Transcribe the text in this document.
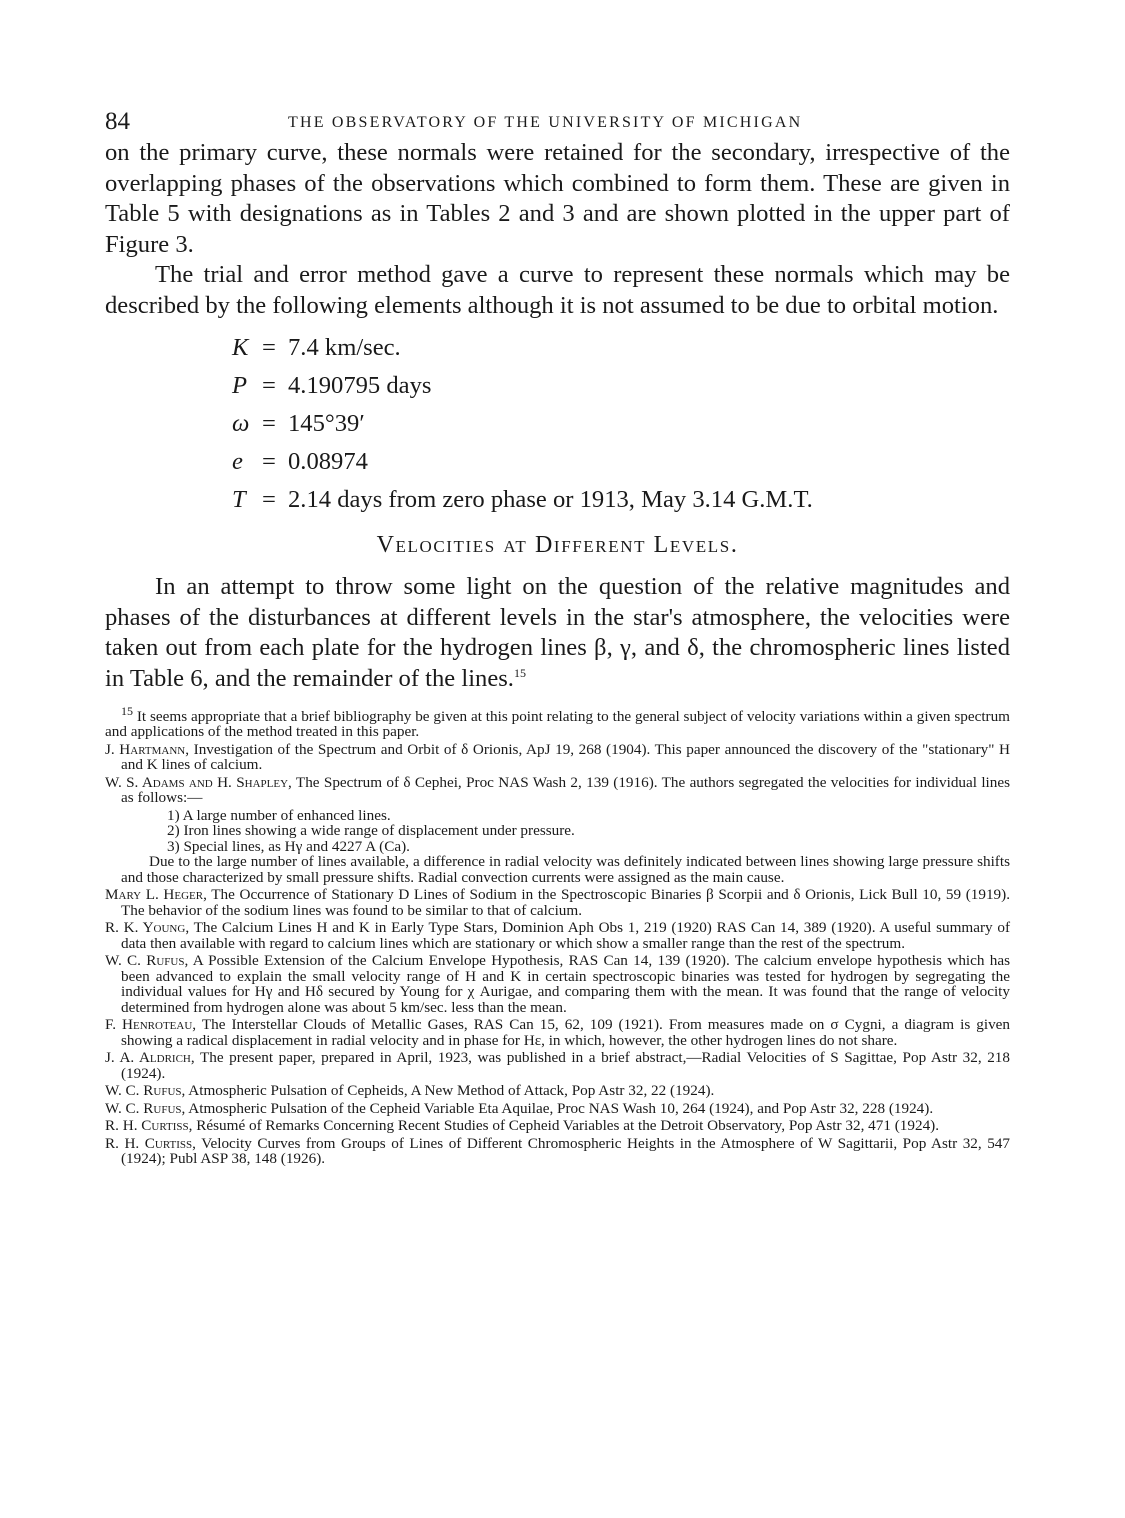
84	THE OBSERVATORY OF THE UNIVERSITY OF MICHIGAN

on the primary curve, these normals were retained for the secondary, irrespective of the overlapping phases of the observations which combined to form them. These are given in Table 5 with designations as in Tables 2 and 3 and are shown plotted in the upper part of Figure 3.

The trial and error method gave a curve to represent these normals which may be described by the following elements although it is not assumed to be due to orbital motion.

K = 7.4 km/sec.
P = 4.190795 days
ω = 145°39′
e = 0.08974
T = 2.14 days from zero phase or 1913, May 3.14 G.M.T.
Velocities at Different Levels.

In an attempt to throw some light on the question of the relative magnitudes and phases of the disturbances at different levels in the star's atmosphere, the velocities were taken out from each plate for the hydrogen lines β, γ, and δ, the chromospheric lines listed in Table 6, and the remainder of the lines.$^{15}$

$^{15}$ It seems appropriate that a brief bibliography be given at this point relating to the general subject of velocity variations within a given spectrum and applications of the method treated in this paper.

J. Hartmann, Investigation of the Spectrum and Orbit of δ Orionis, ApJ 19, 268 (1904). This paper announced the discovery of the "stationary" H and K lines of calcium.

W. S. Adams and H. Shapley, The Spectrum of δ Cephei, Proc NAS Wash 2, 139 (1916). The authors segregated the velocities for individual lines as follows:—

1) A large number of enhanced lines.

2) Iron lines showing a wide range of displacement under pressure.

3) Special lines, as Hγ and 4227 A (Ca).

Due to the large number of lines available, a difference in radial velocity was definitely indicated between lines showing large pressure shifts and those characterized by small pressure shifts. Radial convection currents were assigned as the main cause.

Mary L. Heger, The Occurrence of Stationary D Lines of Sodium in the Spectroscopic Binaries β Scorpii and δ Orionis, Lick Bull 10, 59 (1919). The behavior of the sodium lines was found to be similar to that of calcium.

R. K. Young, The Calcium Lines H and K in Early Type Stars, Dominion Aph Obs 1, 219 (1920) RAS Can 14, 389 (1920). A useful summary of data then available with regard to calcium lines which are stationary or which show a smaller range than the rest of the spectrum.

W. C. Rufus, A Possible Extension of the Calcium Envelope Hypothesis, RAS Can 14, 139 (1920). The calcium envelope hypothesis which has been advanced to explain the small velocity range of H and K in certain spectroscopic binaries was tested for hydrogen by segregating the individual values for Hγ and Hδ secured by Young for χ Aurigae, and comparing them with the mean. It was found that the range of velocity determined from hydrogen alone was about 5 km/sec. less than the mean.

F. Henroteau, The Interstellar Clouds of Metallic Gases, RAS Can 15, 62, 109 (1921). From measures made on σ Cygni, a diagram is given showing a radical displacement in radial velocity and in phase for Hε, in which, however, the other hydrogen lines do not share.

J. A. Aldrich, The present paper, prepared in April, 1923, was published in a brief abstract,—Radial Velocities of S Sagittae, Pop Astr 32, 218 (1924).

W. C. Rufus, Atmospheric Pulsation of Cepheids, A New Method of Attack, Pop Astr 32, 22 (1924).

W. C. Rufus, Atmospheric Pulsation of the Cepheid Variable Eta Aquilae, Proc NAS Wash 10, 264 (1924), and Pop Astr 32, 228 (1924).

R. H. Curtiss, Résumé of Remarks Concerning Recent Studies of Cepheid Variables at the Detroit Observatory, Pop Astr 32, 471 (1924).

R. H. Curtiss, Velocity Curves from Groups of Lines of Different Chromospheric Heights in the Atmosphere of W Sagittarii, Pop Astr 32, 547 (1924); Publ ASP 38, 148 (1926).
